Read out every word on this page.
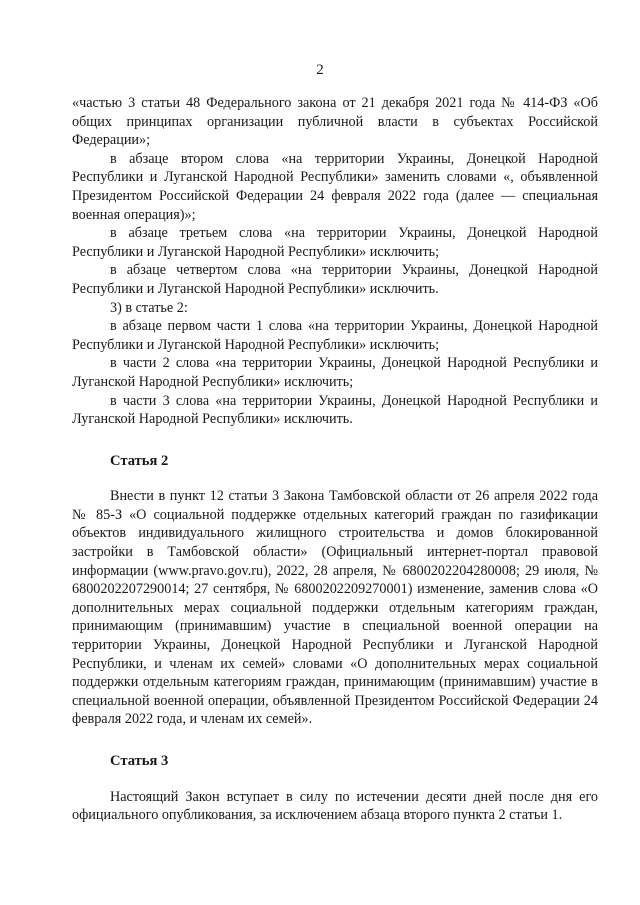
2

«частью 3 статьи 48 Федерального закона от 21 декабря 2021 года № 414-ФЗ «Об общих принципах организации публичной власти в субъектах Российской Федерации»;

в абзаце втором слова «на территории Украины, Донецкой Народной Республики и Луганской Народной Республики» заменить словами «, объявленной Президентом Российской Федерации 24 февраля 2022 года (далее — специальная военная операция)»;

в абзаце третьем слова «на территории Украины, Донецкой Народной Республики и Луганской Народной Республики» исключить;

в абзаце четвертом слова «на территории Украины, Донецкой Народной Республики и Луганской Народной Республики» исключить.

3) в статье 2:

в абзаце первом части 1 слова «на территории Украины, Донецкой Народной Республики и Луганской Народной Республики» исключить;

в части 2 слова «на территории Украины, Донецкой Народной Республики и Луганской Народной Республики» исключить;

в части 3 слова «на территории Украины, Донецкой Народной Республики и Луганской Народной Республики» исключить.

Статья 2

Внести в пункт 12 статьи 3 Закона Тамбовской области от 26 апреля 2022 года № 85-З «О социальной поддержке отдельных категорий граждан по газификации объектов индивидуального жилищного строительства и домов блокированной застройки в Тамбовской области» (Официальный интернет-портал правовой информации (www.pravo.gov.ru), 2022, 28 апреля, № 6800202204280008; 29 июля, № 6800202207290014; 27 сентября, № 6800202209270001) изменение, заменив слова «О дополнительных мерах социальной поддержки отдельным категориям граждан, принимающим (принимавшим) участие в специальной военной операции на территории Украины, Донецкой Народной Республики и Луганской Народной Республики, и членам их семей» словами «О дополнительных мерах социальной поддержки отдельным категориям граждан, принимающим (принимавшим) участие в специальной военной операции, объявленной Президентом Российской Федерации 24 февраля 2022 года, и членам их семей».

Статья 3

Настоящий Закон вступает в силу по истечении десяти дней после дня его официального опубликования, за исключением абзаца второго пункта 2 статьи 1.
